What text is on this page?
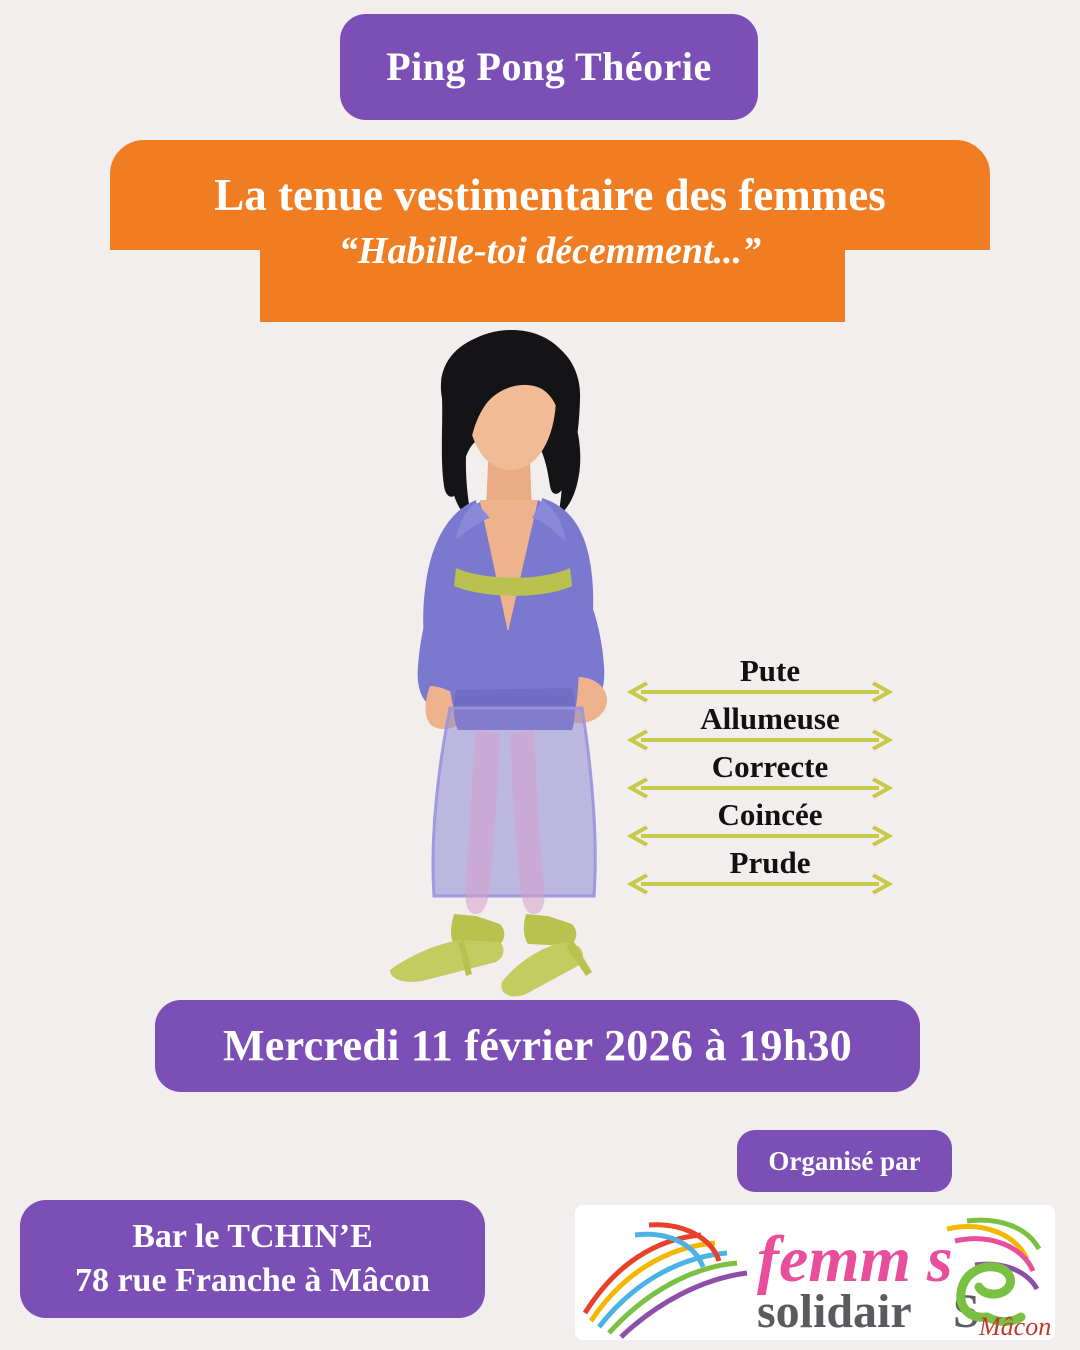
Ping Pong Théorie
La tenue vestimentaire des femmes
“Habille-toi décemment...”
Pute
Allumeuse
Correcte
Coincée
Prude
Mercredi 11 février 2026 à 19h30
Organisé par
Bar le TCHIN’E
78 rue Franche à Mâcon	femm s
solidair S Mâcon
